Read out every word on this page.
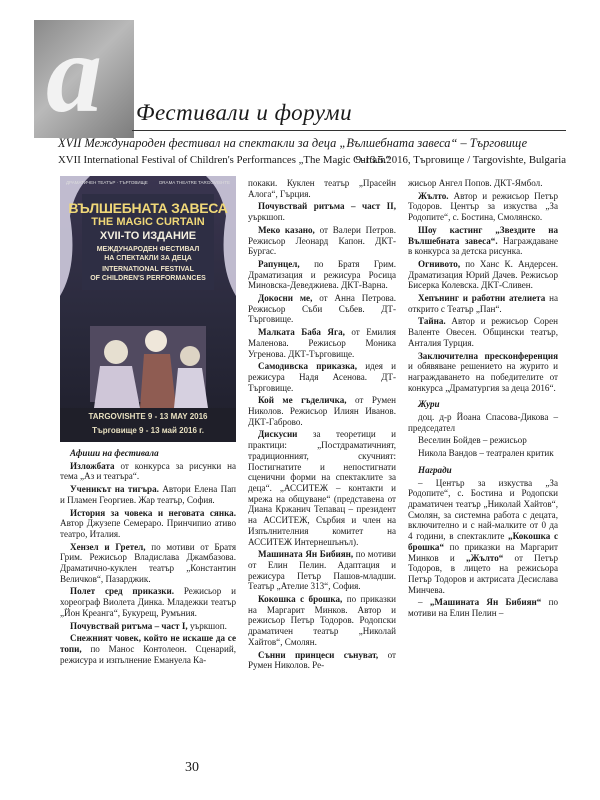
a Фестивали и форуми
XVII Международен фестивал на спектакли за деца „Вълшебната завеса“ – Търговище
XVII International Festival of Children's Performances „The Magic Curtain“
9-13.5.2016, Търговище / Targovishte, Bulgaria
ДРАМАТИЧЕН ТЕАТЪР · ТЪРГОВИЩЕ	DRAMA THEATRE TARGOVISHTE
ВЪЛШЕБНАТА ЗАВЕСА
THE MAGIC CURTAIN
XVII-ТО ИЗДАНИЕ
МЕЖДУНАРОДЕН ФЕСТИВАЛ
НА СПЕКТАКЛИ ЗА ДЕЦА
INTERNATIONAL FESTIVAL
OF CHILDREN'S PERFORMANCES
TARGOVISHTE 9 - 13 MAY 2016
Търговище 9 - 13 май 2016 г.

Афиши на фестивала

Изложбата от конкурса за рисунки на тема „Аз и театърa“.

Ученикът на тигъра. Автори Елена Пап и Пламен Георгиев. Жар театър, София.

История за човека и неговата сянка. Автор Джузепе Семераро. Принчипио ативо театро, Италия.

Хензел и Гретел, по мотиви от Братя Грим. Режисьор Владислава Джамбазова. Драматично-куклен театър „Константин Величков“, Пазарджик.

Полет сред приказки. Режисьор и хореограф Виолета Динка. Младежки театър „Йон Креанга“, Букурещ, Румъния.

Почувствай ритъма – част I, уъркшоп.

Снежният човек, който не искаше да се топи, по Манос Контолеон. Сценарий, режисура и изпълнение Емануела Ка-

покаки. Куклен театър „Прасейн Алога“, Гърция.

Почувствай ритъма – част II, уъркшоп.

Меко казано, от Валери Петров. Режисьор Леонард Капон. ДКТ-Бургас.

Рапунцел, по Братя Грим. Драматизация и режисура Росица Миновска-Деведжиева. ДКТ-Варна.

Докосни ме, от Анна Петрова. Режисьор Съби Събев. ДТ-Търговище.

Малката Баба Яга, от Емилия Маленова. Режисьор Моника Угренова. ДКТ-Търговище.

Самодивска приказка, идея и режисура Надя Асенова. ДТ-Търговище.

Кой ме гъделичка, от Румен Николов. Режисьор Илиян Иванов. ДКТ-Габрово.

Дискусии за теоретици и практици: „Постдраматичният, традиционният, скучният: Постигнатите и непостигнати сценични форми на спектаклите за деца“. „АССИТЕЖ – контакти и мрежа на общуване“ (представена от Диана Кржанич Тепавац – президент на АССИТЕЖ, Сърбия и член на Изпълнителния комитет на АССИТЕЖ Интернешънъл).

Машината Ян Бибиян, по мотиви от Елин Пелин. Адаптация и режисура Петър Пашов-младши. Театър „Ателие 313“, София.

Кокошка с брошка, по приказки на Маргарит Минков. Автор и режисьор Петър Тодоров. Родопски драматичен театър „Николай Хайтов“, Смолян.

Сънни принцеси сънуват, от Румен Николов. Ре-

жисьор Ангел Попов. ДКТ-Ямбол.

Жълто. Автор и режисьор Петър Тодоров. Център за изкуства „За Родопите“, с. Бостина, Смолянско.

Шоу кастинг „Звездите на Вълшебната завеса“. Награждаване в конкурса за детска рисунка.

Огнивото, по Ханс К. Андерсен. Драматизация Юрий Дачев. Режисьор Бисерка Колевска. ДКТ-Сливен.

Хепънинг и работни ателиета на открито с Театър „Пан“.

Тайна. Автор и режисьор Сорен Валенте Овесен. Общински театър, Анталия Турция.

Заключителна пресконференция и обявяване решението на журито и награждаването на победителите от конкурса „Драматургия за деца 2016“.

Жури

доц. д-р Йоана Спасова-Дикова – председател

Веселин Бойдев – режисьор

Никола Вандов – театрален критик

Награди

– Център за изкуства „За Родопите“, с. Бостина и Родопски драматичен театър „Николай Хайтов“, Смолян, за системна работа с децата, включително и с най-малките от 0 да 4 години, в спектаклите „Кокошка с брошка“ по приказки на Маргарит Минков и „Жълто“ от Петър Тодоров, в лицето на режисьора Петър Тодоров и актрисата Десислава Минчева.

– „Машината Ян Бибиян“ по мотиви на Елин Пелин –

30
